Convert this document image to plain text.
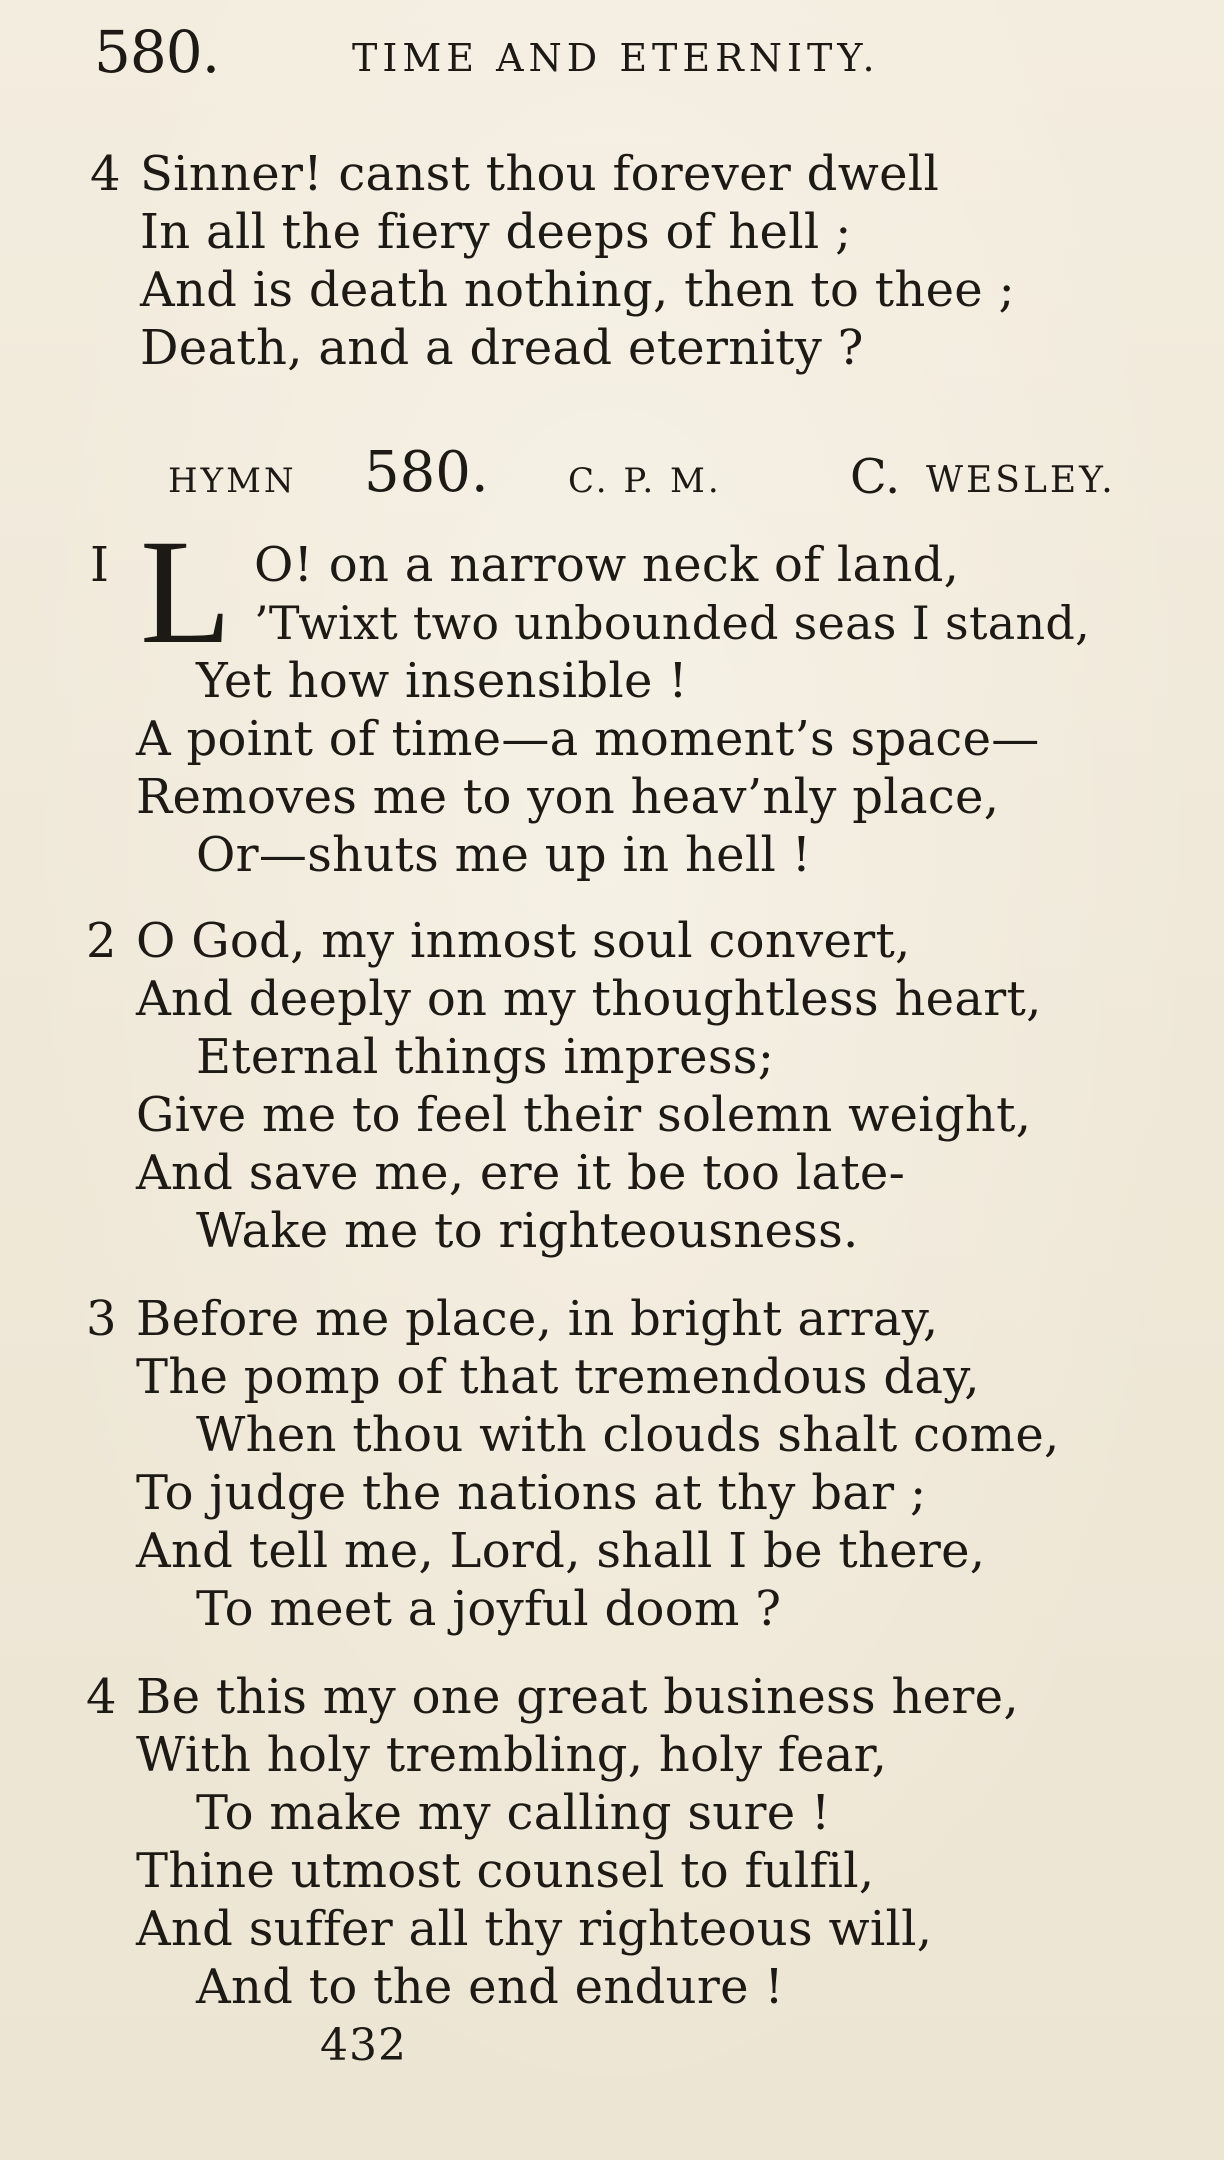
580.	TIME AND ETERNITY.
4 Sinner! canst thou forever dwell
In all the fiery deeps of hell ;
And is death nothing, then to thee ;
Death, and a dread eternity ?
HYMN 580. C. P. M.	C. WESLEY.
I L O! on a narrow neck of land,
’Twixt two unbounded seas I stand,
Yet how insensible !
A point of time—a moment’s space—
Removes me to yon heav’nly place,
Or—shuts me up in hell !
2 O God, my inmost soul convert,
And deeply on my thoughtless heart,
Eternal things impress;
Give me to feel their solemn weight,
And save me, ere it be too late-
Wake me to righteousness.
3 Before me place, in bright array,
The pomp of that tremendous day,
When thou with clouds shalt come,
To judge the nations at thy bar ;
And tell me, Lord, shall I be there,
To meet a joyful doom ?
4 Be this my one great business here,
With holy trembling, holy fear,
To make my calling sure !
Thine utmost counsel to fulfil,
And suffer all thy righteous will,
And to the end endure !
432
